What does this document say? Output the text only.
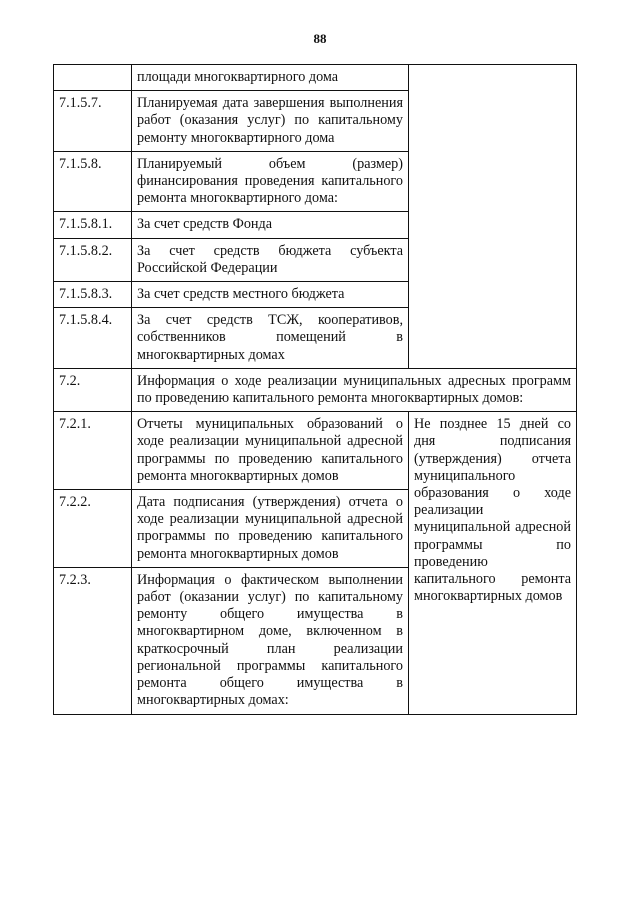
88
	площади многоквартирного дома	
7.1.5.7.	Планируемая дата завершения выполнения работ (оказания услуг) по капитальному ремонту многоквартирного дома	
7.1.5.8.	Планируемый объем (размер) финансирования проведения капитального ремонта многоквартирного дома:	
7.1.5.8.1.	За счет средств Фонда	
7.1.5.8.2.	За счет средств бюджета субъекта Российской Федерации	
7.1.5.8.3.	За счет средств местного бюджета	
7.1.5.8.4.	За счет средств ТСЖ, кооперативов, собственников помещений в многоквартирных домах	
7.2.	Информация о ходе реализации муниципальных адресных программ по проведению капитального ремонта многоквартирных домов:	
7.2.1.	Отчеты муниципальных образований о ходе реализации муниципальной адресной программы по проведению капитального ремонта многоквартирных домов	Не позднее 15 дней со дня подписания (утверждения) отчета муниципального образования о ходе реализации муниципальной адресной программы по проведению капитального ремонта многоквартирных домов
7.2.2.	Дата подписания (утверждения) отчета о ходе реализации муниципальной адресной программы по проведению капитального ремонта многоквартирных домов	
7.2.3.	Информация о фактическом выполнении работ (оказании услуг) по капитальному ремонту общего имущества в многоквартирном доме, включенном в краткосрочный план реализации региональной программы капитального ремонта общего имущества в многоквартирных домах:	
